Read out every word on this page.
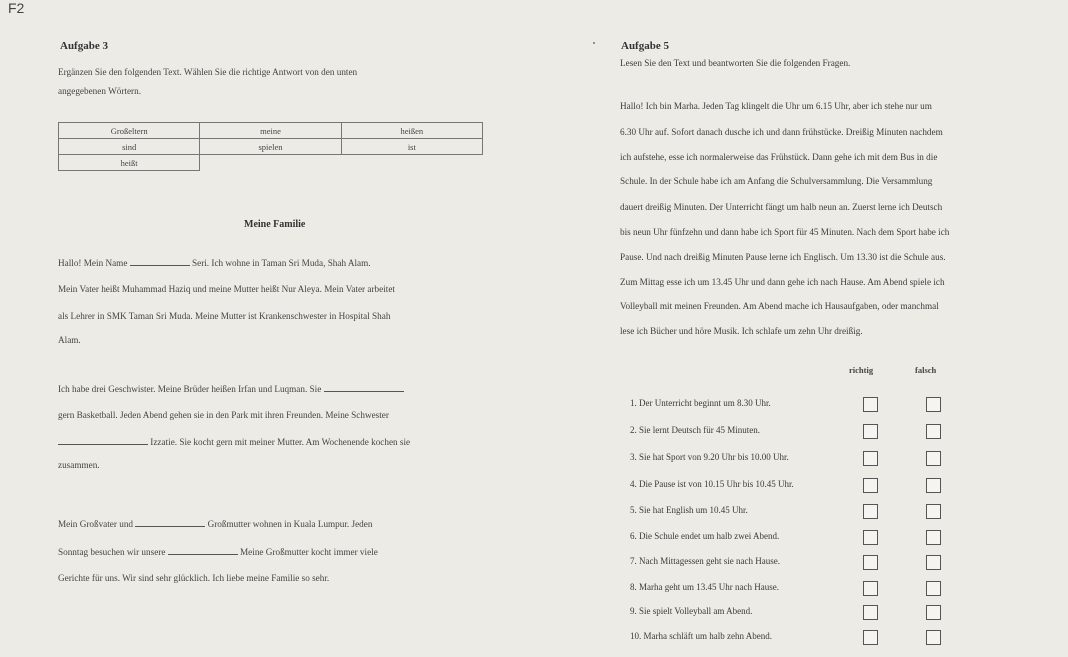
F2
Aufgabe 3
Ergänzen Sie den folgenden Text. Wählen Sie die richtige Antwort von den unten
angegebenen Wörtern.
Großeltern	meine	heißen
sind	spielen	ist
heißt		
Meine Familie
Hallo! Mein Name	Seri. Ich wohne in Taman Sri Muda, Shah Alam.
Mein Vater heißt Muhammad Haziq und meine Mutter heißt Nur Aleya. Mein Vater arbeitet
als Lehrer in SMK Taman Sri Muda. Meine Mutter ist Krankenschwester in Hospital Shah
Alam.
Ich habe drei Geschwister. Meine Brüder heißen Irfan und Luqman. Sie
gern Basketball. Jeden Abend gehen sie in den Park mit ihren Freunden. Meine Schwester
Izzatie. Sie kocht gern mit meiner Mutter. Am Wochenende kochen sie
zusammen.
Mein Großvater und	Großmutter wohnen in Kuala Lumpur. Jeden
Sonntag besuchen wir unsere	Meine Großmutter kocht immer viele
Gerichte für uns. Wir sind sehr glücklich. Ich liebe meine Familie so sehr.
Aufgabe 5
Lesen Sie den Text und beantworten Sie die folgenden Fragen.
Hallo! Ich bin Marha. Jeden Tag klingelt die Uhr um 6.15 Uhr, aber ich stehe nur um
6.30 Uhr auf. Sofort danach dusche ich und dann frühstücke. Dreißig Minuten nachdem
ich aufstehe, esse ich normalerweise das Frühstück. Dann gehe ich mit dem Bus in die
Schule. In der Schule habe ich am Anfang die Schulversammlung. Die Versammlung
dauert dreißig Minuten. Der Unterricht fängt um halb neun an. Zuerst lerne ich Deutsch
bis neun Uhr fünfzehn und dann habe ich Sport für 45 Minuten. Nach dem Sport habe ich
Pause. Und nach dreißig Minuten Pause lerne ich Englisch. Um 13.30 ist die Schule aus.
Zum Mittag esse ich um 13.45 Uhr und dann gehe ich nach Hause. Am Abend spiele ich
Volleyball mit meinen Freunden. Am Abend mache ich Hausaufgaben, oder manchmal
lese ich Bücher und höre Musik. Ich schlafe um zehn Uhr dreißig.
richtig	falsch
1. Der Unterricht beginnt um 8.30 Uhr.
2. Sie lernt Deutsch für 45 Minuten.
3. Sie hat Sport von 9.20 Uhr bis 10.00 Uhr.
4. Die Pause ist von 10.15 Uhr bis 10.45 Uhr.
5. Sie hat English um 10.45 Uhr.
6. Die Schule endet um halb zwei Abend.
7. Nach Mittagessen geht sie nach Hause.
8. Marha geht um 13.45 Uhr nach Hause.
9. Sie spielt Volleyball am Abend.
10. Marha schläft um halb zehn Abend.
